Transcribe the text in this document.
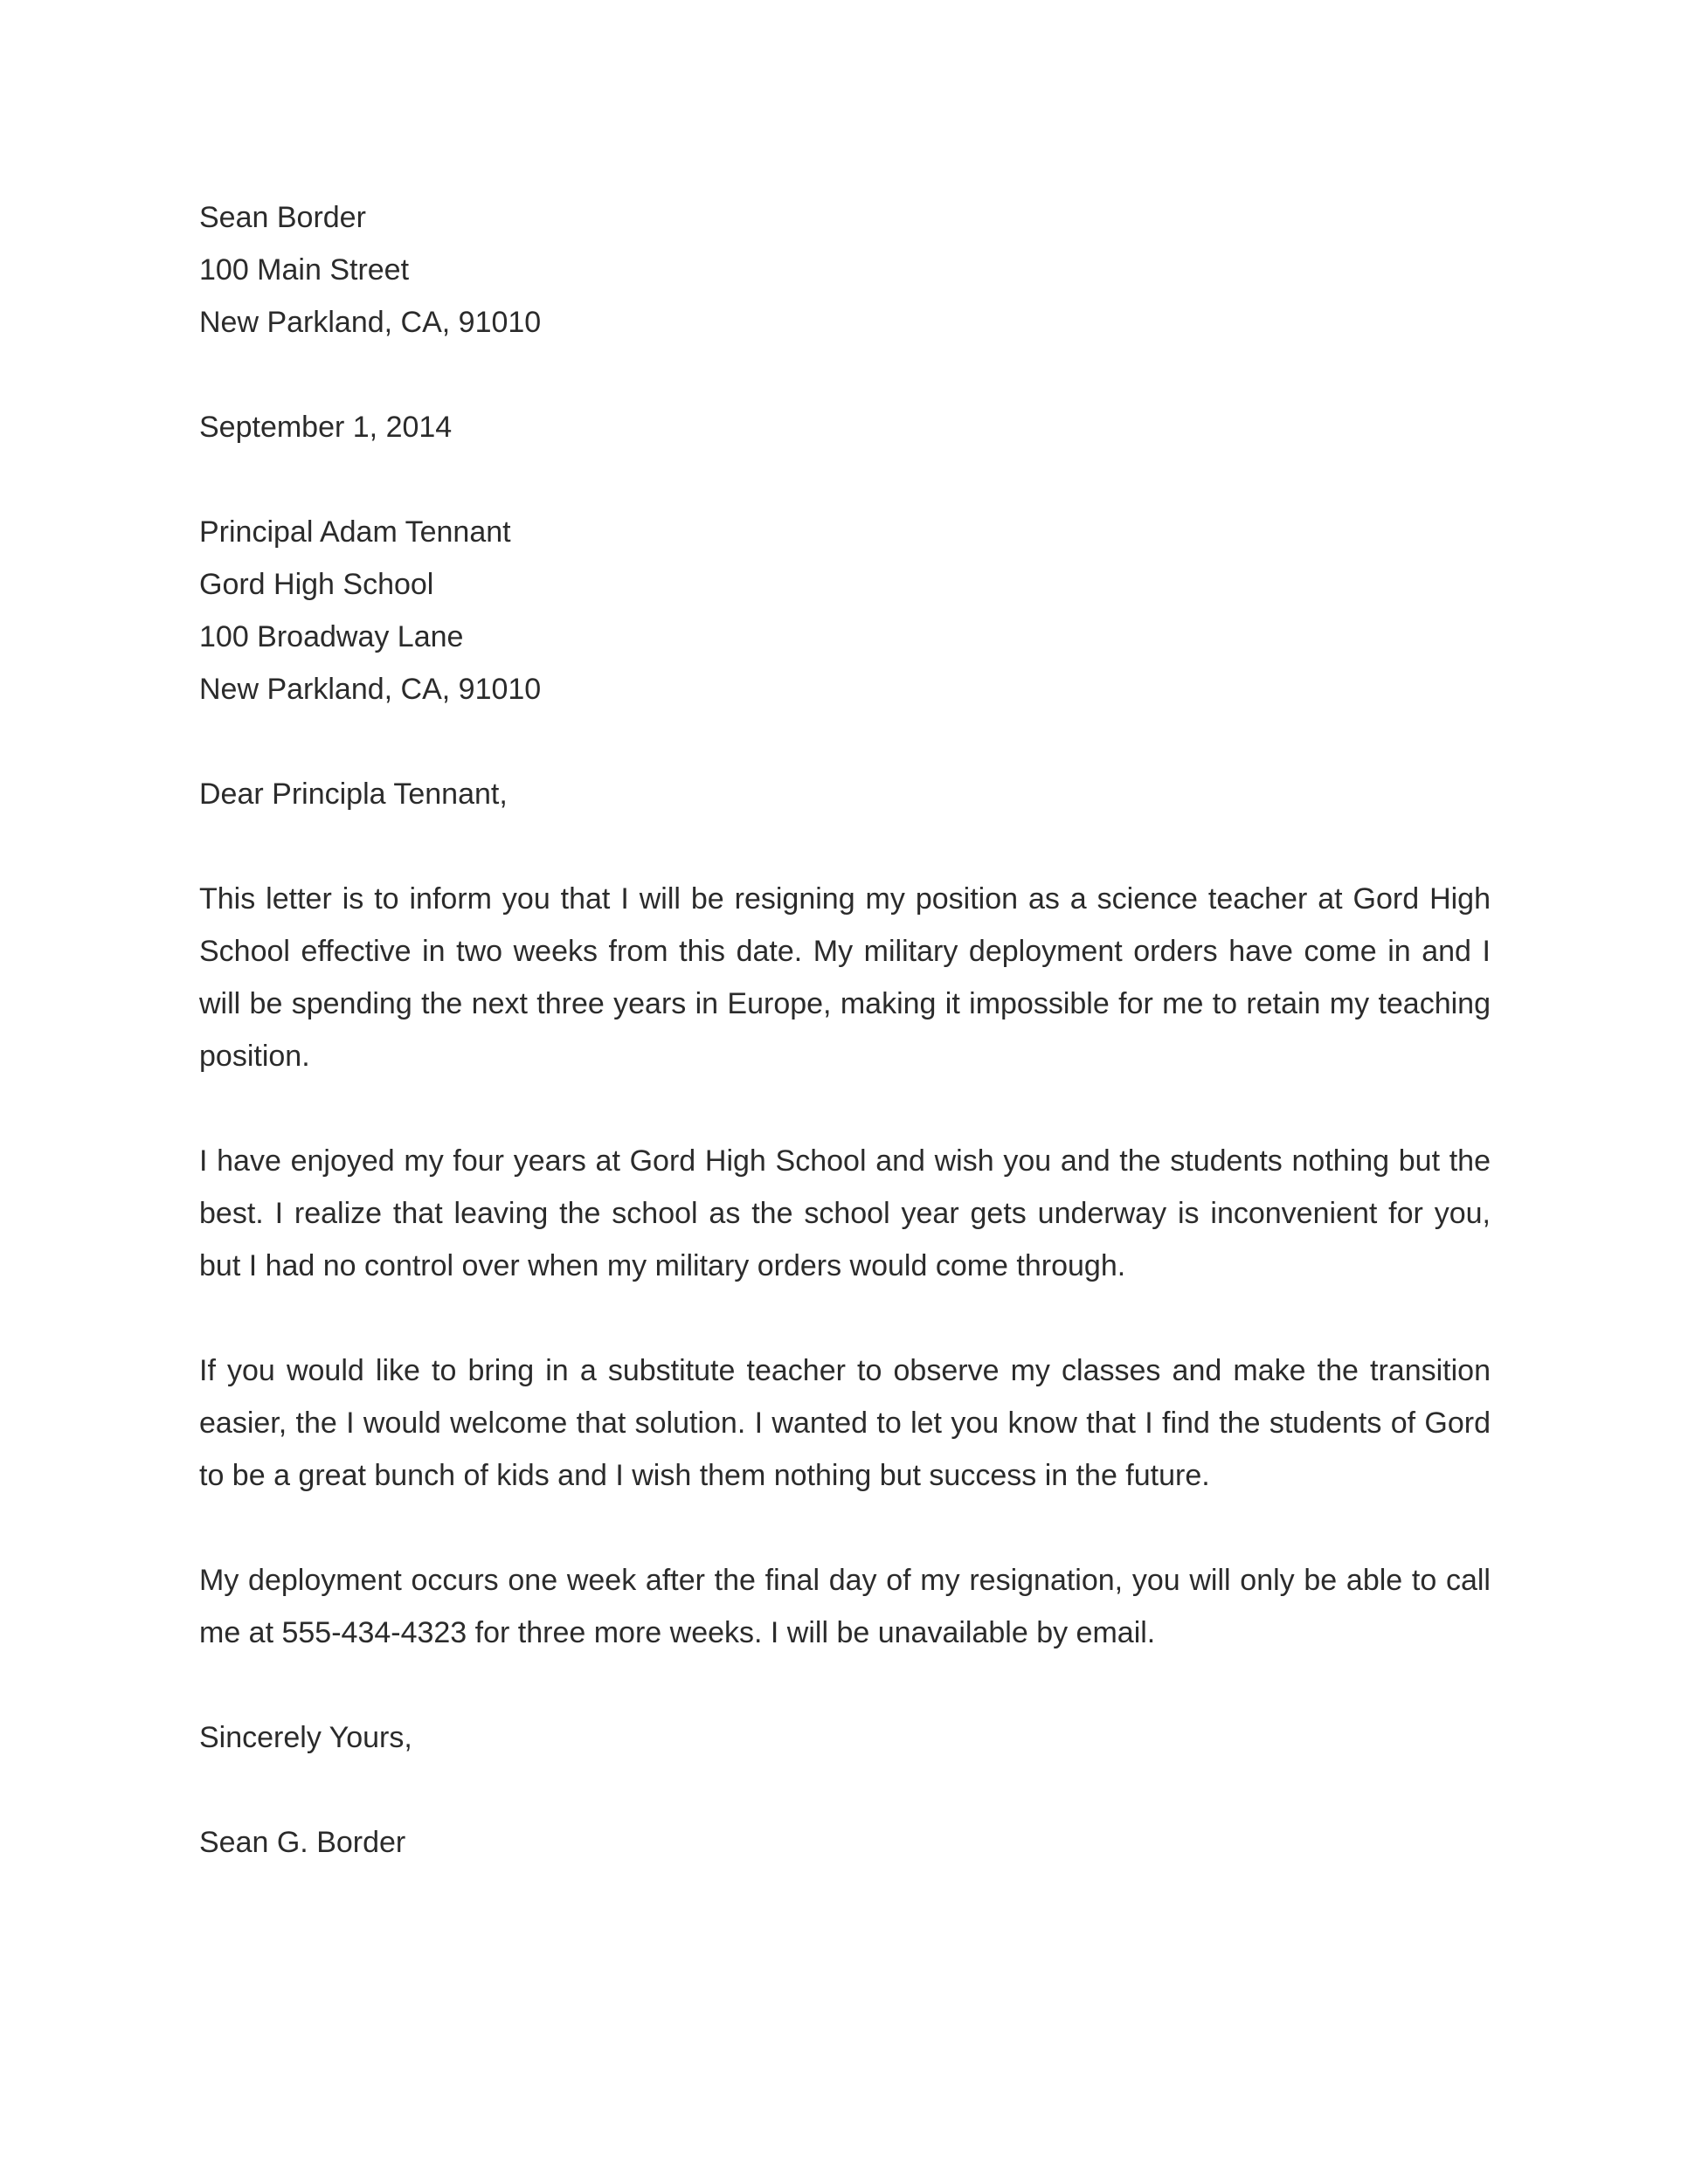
Sean Border
100 Main Street
New Parkland, CA, 91010
September 1, 2014
Principal Adam Tennant
Gord High School
100 Broadway Lane
New Parkland, CA, 91010
Dear Principla Tennant,

This letter is to inform you that I will be resigning my position as a science teacher at Gord High School effective in two weeks from this date. My military deployment orders have come in and I will be spending the next three years in Europe, making it impossible for me to retain my teaching position.

I have enjoyed my four years at Gord High School and wish you and the students nothing but the best. I realize that leaving the school as the school year gets underway is inconvenient for you, but I had no control over when my military orders would come through.

If you would like to bring in a substitute teacher to observe my classes and make the transition easier, the I would welcome that solution. I wanted to let you know that I find the students of Gord to be a great bunch of kids and I wish them nothing but success in the future.

My deployment occurs one week after the final day of my resignation, you will only be able to call me at 555-434-4323 for three more weeks. I will be unavailable by email.

Sincerely Yours,
Sean G. Border
